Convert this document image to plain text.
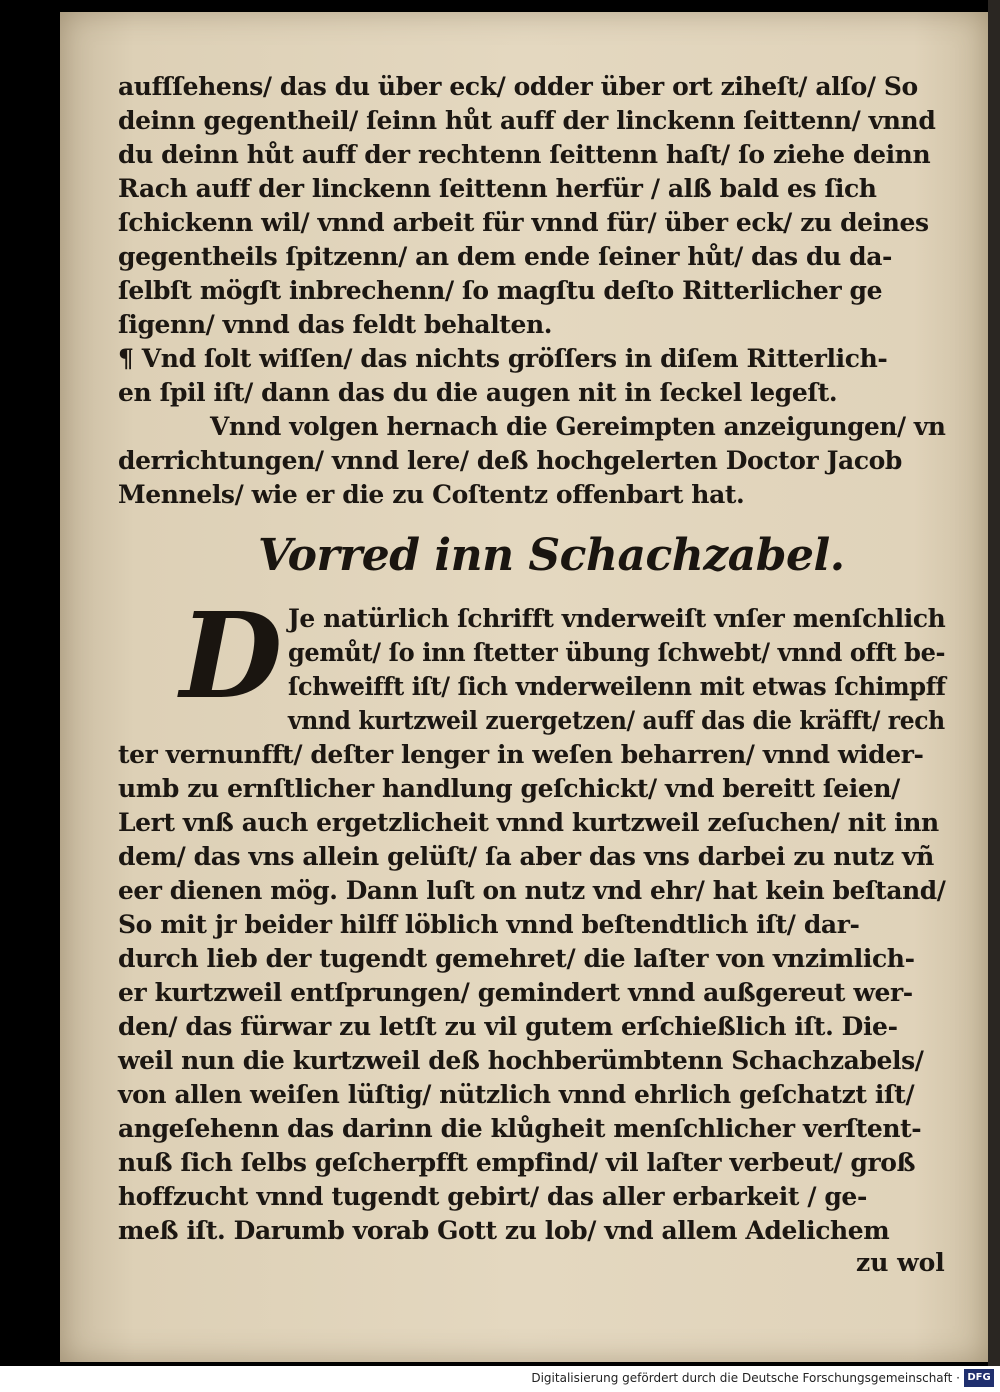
aufſſehens/ das du über eck/ odder über ort ziheſt/ alſo/ So
deinn gegentheil/ ſeinn hůt auff der linckenn ſeittenn/ vnnd
du deinn hůt auff der rechtenn ſeittenn haſt/ ſo ziehe deinn
Rach auff der linckenn ſeittenn herfür / alß bald es ſich
ſchickenn wil/ vnnd arbeit für vnnd für/ über eck/ zu deines
gegentheils ſpitzenn/ an dem ende ſeiner hůt/ das du da-
ſelbſt mögſt inbrechenn/ ſo magſtu deſto Ritterlicher ge
ſigenn/ vnnd das feldt behalten.
¶ Vnd ſolt wiſſen/ das nichts gröſſers in diſem Ritterlich-
en ſpil iſt/ dann das du die augen nit in ſeckel legeſt.
Vnnd volgen hernach die Gereimpten anzeigungen/ vn
derrichtungen/ vnnd lere/ deß hochgelerten Doctor Jacob
Mennels/ wie er die zu Coſtentz offenbart hat.
Vorred inn Schachzabel.
D Je natürlich ſchrifft vnderweiſt vnſer menſchlich
gemůt/ ſo inn ſtetter übung ſchwebt/ vnnd offt be-
ſchweifft iſt/ ſich vnderweilenn mit etwas ſchimpff
vnnd kurtzweil zuergetzen/ auff das die kräfft/ rech
ter vernunfft/ deſter lenger in weſen beharren/ vnnd wider-
umb zu ernſtlicher handlung geſchickt/ vnd bereitt ſeien/
Lert vnß auch ergetzlicheit vnnd kurtzweil zeſuchen/ nit inn
dem/ das vns allein gelüſt/ ſa aber das vns darbei zu nutz vñ
eer dienen mög. Dann luſt on nutz vnd ehr/ hat kein beſtand/
So mit jr beider hilff löblich vnnd beſtendtlich iſt/ dar-
durch lieb der tugendt gemehret/ die laſter von vnzimlich-
er kurtzweil entſprungen/ gemindert vnnd außgereut wer-
den/ das fürwar zu letſt zu vil gutem erſchießlich iſt. Die-
weil nun die kurtzweil deß hochberümbtenn Schachzabels/
von allen weiſen lüſtig/ nützlich vnnd ehrlich geſchatzt iſt/
angeſehenn das darinn die klůgheit menſchlicher verſtent-
nuß ſich ſelbs geſcherpfft empfind/ vil laſter verbeut/ groß
hoffzucht vnnd tugendt gebirt/ das aller erbarkeit / ge-
meß iſt. Darumb vorab Gott zu lob/ vnd allem Adelichem
zu wol
Digitalisierung gefördert durch die Deutsche Forschungsgemeinschaft · DFG
